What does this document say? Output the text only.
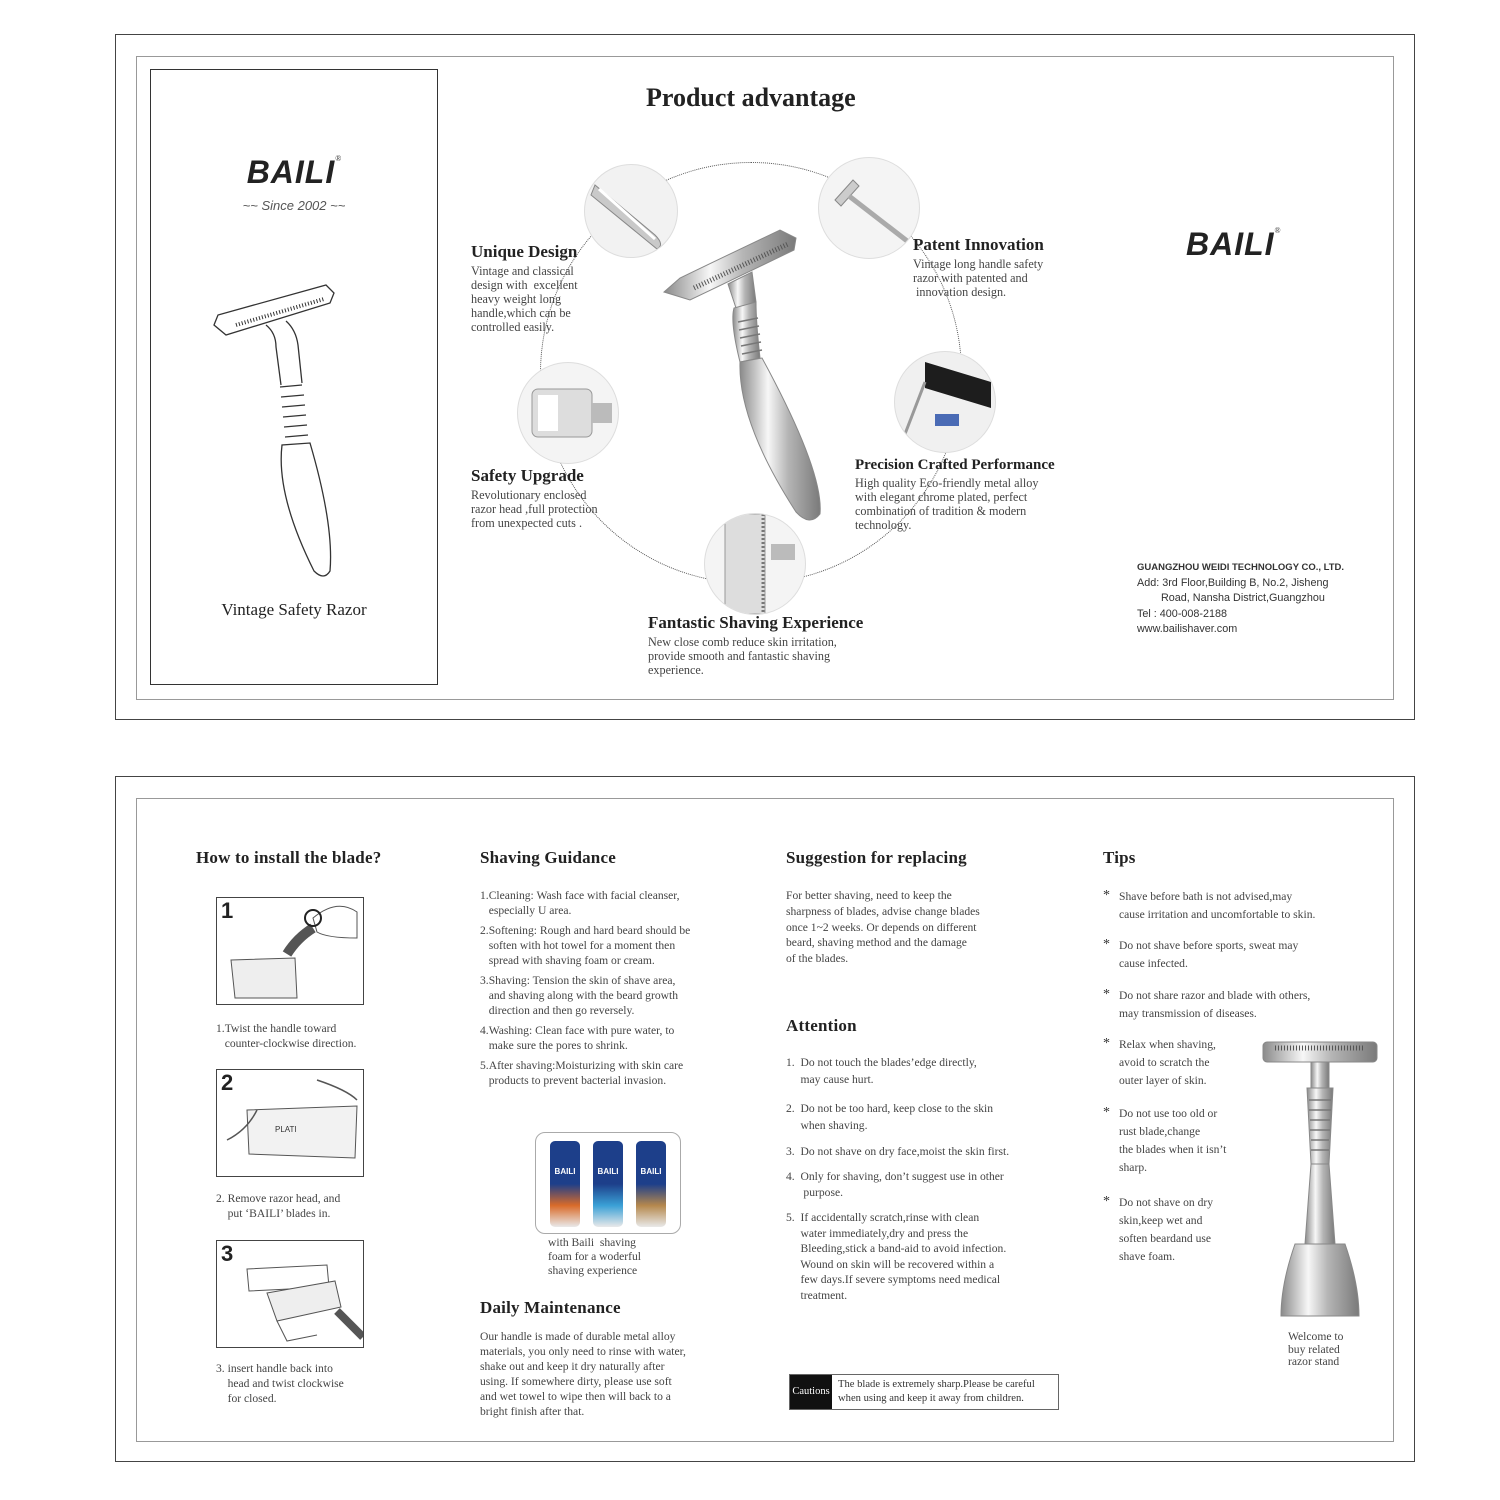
BAILI®
~~ Since 2002 ~~
Vintage Safety Razor
Product advantage
Unique Design
Vintage and classical
design with  excellent
heavy weight long
handle,which can be
controlled easily.
Patent Innovation
Vintage long handle safety
razor with patented and
innovation design.
Safety Upgrade
Revolutionary enclosed
razor head ,full protection
from unexpected cuts .
Precision Crafted Performance
High quality Eco-friendly metal alloy
with elegant chrome plated, perfect
combination of tradition & modern
technology.
Fantastic Shaving Experience
New close comb reduce skin irritation,
provide smooth and fantastic shaving
experience.
BAILI®
GUANGZHOU WEIDI TECHNOLOGY CO., LTD.
Add: 3rd Floor,Building B, No.2, Jisheng
Road, Nansha District,Guangzhou
Tel : 400-008-2188
www.bailishaver.com
How to install the blade?
1
1.Twist the handle toward
counter-clockwise direction.
2
PLATI
2. Remove razor head, and
put ‘BAILI’ blades in.
3
3. insert handle back into
head and twist clockwise
for closed.
Shaving Guidance
1.Cleaning: Wash face with facial cleanser,
especially U area.
2.Softening: Rough and hard beard should be
soften with hot towel for a moment then
spread with shaving foam or cream.
3.Shaving: Tension the skin of shave area,
and shaving along with the beard growth
direction and then go reversely.
4.Washing: Clean face with pure water, to
make sure the pores to shrink.
5.After shaving:Moisturizing with skin care
products to prevent bacterial invasion.
BAILI	BAILI	BAILI
with Baili  shaving
foam for a woderful
shaving experience
Daily Maintenance
Our handle is made of durable metal alloy
materials, you only need to rinse with water,
shake out and keep it dry naturally after
using. If somewhere dirty, please use soft
and wet towel to wipe then will back to a
bright finish after that.
Suggestion for replacing
For better shaving, need to keep the
sharpness of blades, advise change blades
once 1~2 weeks. Or depends on different
beard, shaving method and the damage
of the blades.
Attention
1.  Do not touch the blades’edge directly,
may cause hurt.
2.  Do not be too hard, keep close to the skin
when shaving.
3.  Do not shave on dry face,moist the skin first.
4.  Only for shaving, don’t suggest use in other
purpose.
5.  If accidentally scratch,rinse with clean
water immediately,dry and press the
Bleeding,stick a band-aid to avoid infection.
Wound on skin will be recovered within a
few days.If severe symptoms need medical
treatment.
Cautions
The blade is extremely sharp.Please be careful
when using and keep it away from children.
Tips
* Shave before bath is not advised,may
cause irritation and uncomfortable to skin.
* Do not shave before sports, sweat may
cause infected.
* Do not share razor and blade with others,
may transmission of diseases.
* Relax when shaving,
avoid to scratch the
outer layer of skin.
* Do not use too old or
rust blade,change
the blades when it isn’t
sharp.
* Do not shave on dry
skin,keep wet and
soften beardand use
shave foam.
Welcome to
buy related
razor stand
